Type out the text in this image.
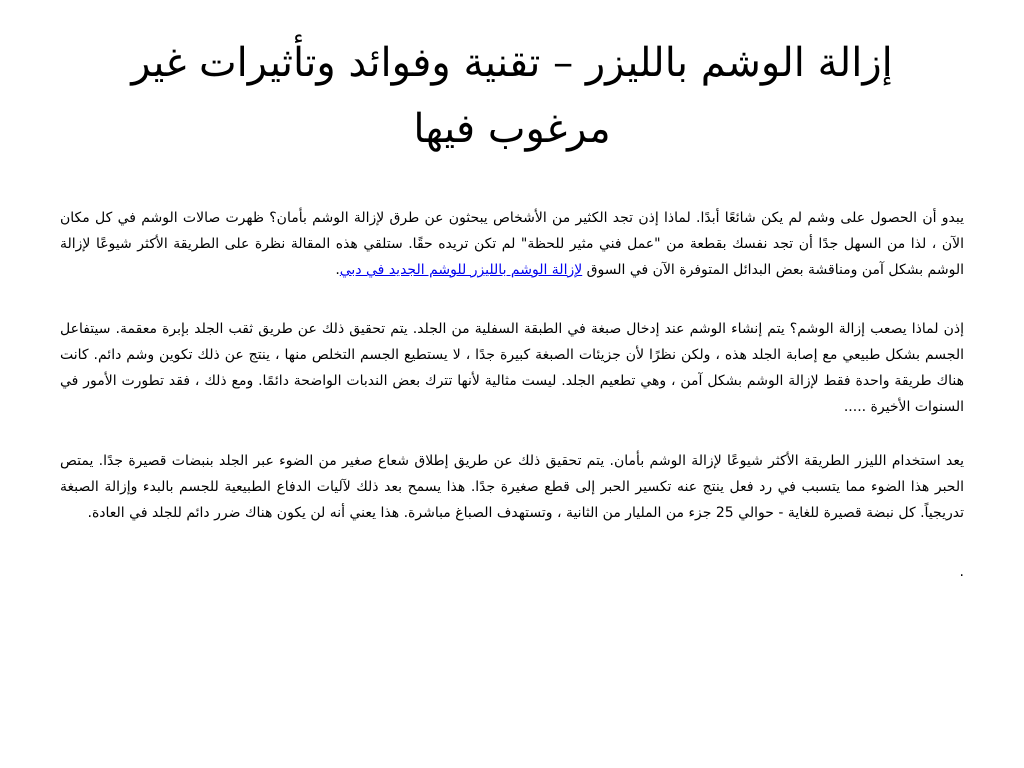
إزالة الوشم بالليزر – تقنية وفوائد وتأثيرات غير مرغوب فيها

يبدو أن الحصول على وشم لم يكن شائعًا أبدًا. لماذا إذن تجد الكثير من الأشخاص يبحثون عن طرق لإزالة الوشم بأمان؟ ظهرت صالات الوشم في كل مكان الآن ، لذا من السهل جدًا أن تجد نفسك بقطعة من "عمل فني مثير للحظة" لم تكن تريده حقًا. ستلقي هذه المقالة نظرة على الطريقة الأكثر شيوعًا لإزالة الوشم بشكل آمن ومناقشة بعض البدائل المتوفرة الآن في السوق لإزالة الوشم بالليزر للوشم الجديد في دبي.

إذن لماذا يصعب إزالة الوشم؟ يتم إنشاء الوشم عند إدخال صبغة في الطبقة السفلية من الجلد. يتم تحقيق ذلك عن طريق ثقب الجلد بإبرة معقمة. سيتفاعل الجسم بشكل طبيعي مع إصابة الجلد هذه ، ولكن نظرًا لأن جزيئات الصبغة كبيرة جدًا ، لا يستطيع الجسم التخلص منها ، ينتج عن ذلك تكوين وشم دائم. كانت هناك طريقة واحدة فقط لإزالة الوشم بشكل آمن ، وهي تطعيم الجلد. ليست مثالية لأنها تترك بعض الندبات الواضحة دائمًا. ومع ذلك ، فقد تطورت الأمور في السنوات الأخيرة .....

يعد استخدام الليزر الطريقة الأكثر شيوعًا لإزالة الوشم بأمان. يتم تحقيق ذلك عن طريق إطلاق شعاع صغير من الضوء عبر الجلد بنبضات قصيرة جدًا. يمتص الحبر هذا الضوء مما يتسبب في رد فعل ينتج عنه تكسير الحبر إلى قطع صغيرة جدًا. هذا يسمح بعد ذلك لآليات الدفاع الطبيعية للجسم بالبدء وإزالة الصبغة تدريجياً. كل نبضة قصيرة للغاية - حوالي 25 جزء من المليار من الثانية ، وتستهدف الصباغ مباشرة. هذا يعني أنه لن يكون هناك ضرر دائم للجلد في العادة.

.
